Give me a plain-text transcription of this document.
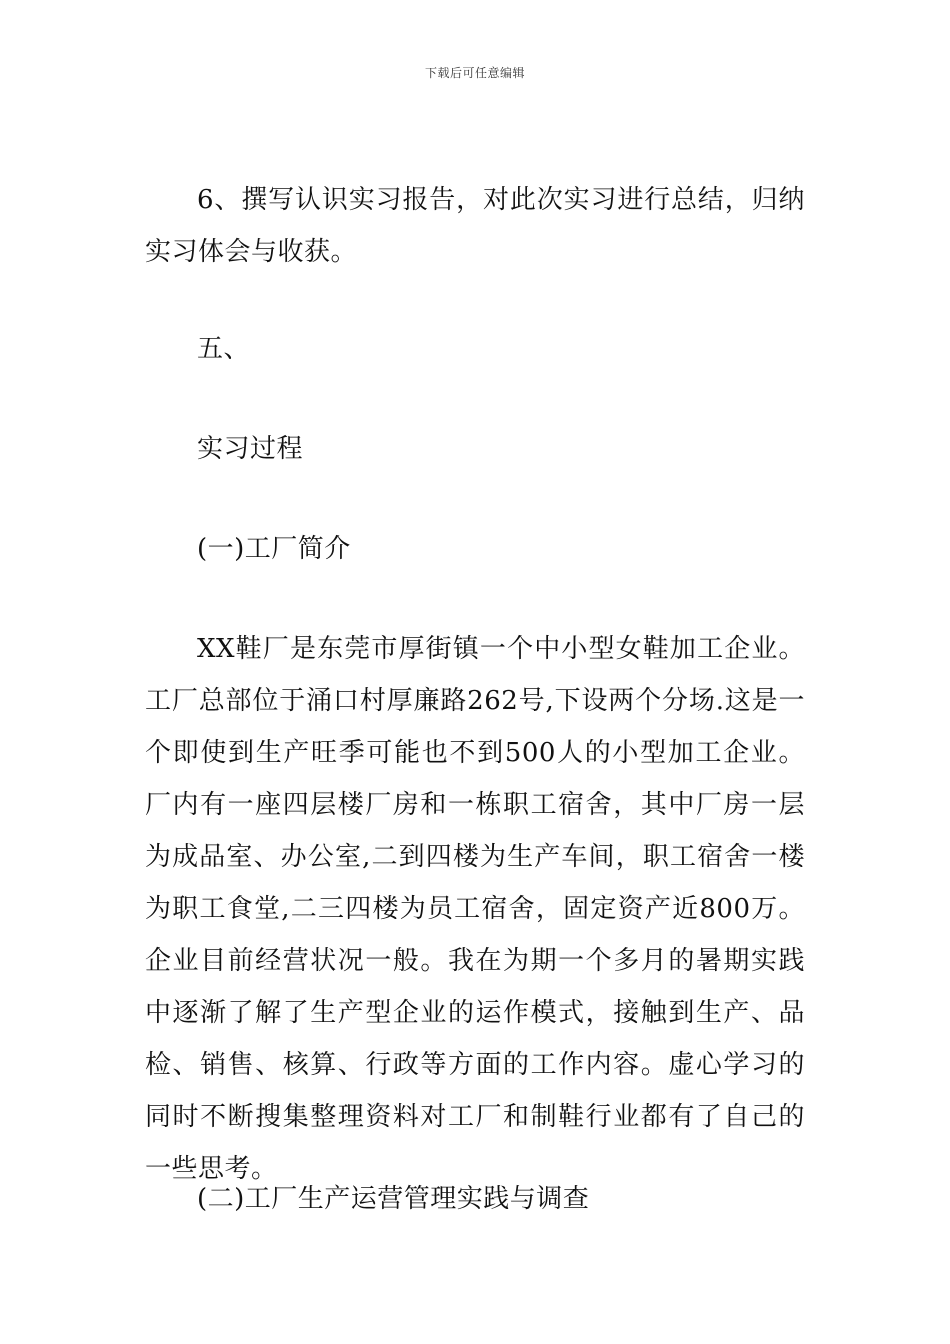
下载后可任意编辑

6、撰写认识实习报告，对此次实习进行总结，归纳实习体会与收获。

五、

实习过程

(一)工厂简介

XX鞋厂是东莞市厚街镇一个中小型女鞋加工企业。工厂总部位于涌口村厚廉路262号,下设两个分场.这是一个即使到生产旺季可能也不到500人的小型加工企业。厂内有一座四层楼厂房和一栋职工宿舍，其中厂房一层为成品室、办公室,二到四楼为生产车间，职工宿舍一楼为职工食堂,二三四楼为员工宿舍，固定资产近800万。企业目前经营状况一般。我在为期一个多月的暑期实践中逐渐了解了生产型企业的运作模式，接触到生产、品检、销售、核算、行政等方面的工作内容。虚心学习的同时不断搜集整理资料对工厂和制鞋行业都有了自己的一些思考。

(二)工厂生产运营管理实践与调查
